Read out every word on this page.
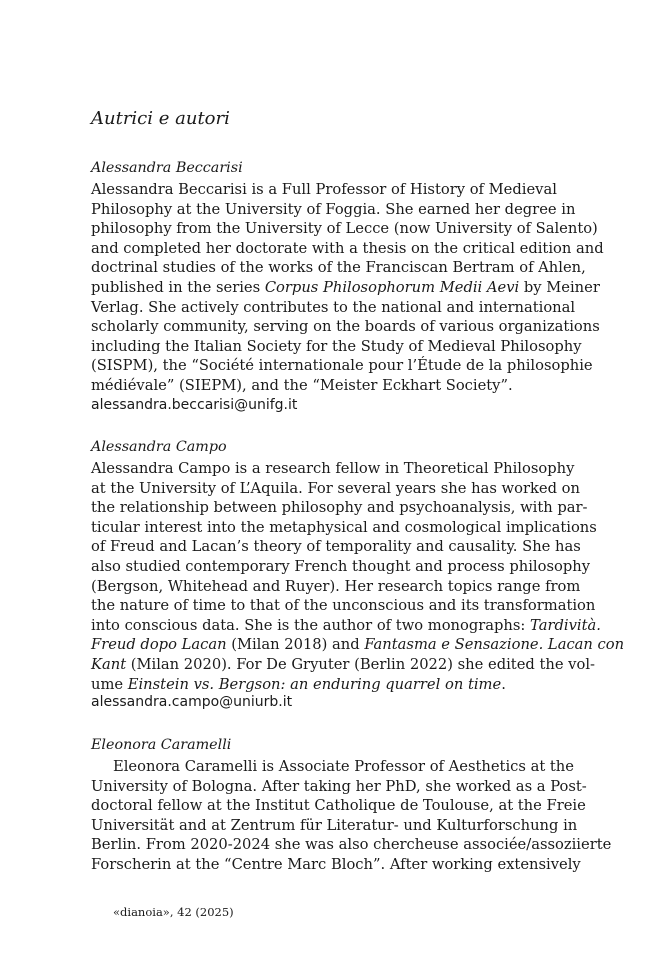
Autrici e autori

Alessandra Beccarisi

Alessandra Beccarisi is a Full Professor of History of Medieval
Philosophy at the University of Foggia. She earned her degree in
philosophy from the University of Lecce (now University of Salento)
and completed her doctorate with a thesis on the critical edition and
doctrinal studies of the works of the Franciscan Bertram of Ahlen,
published in the series Corpus Philosophorum Medii Aevi by Meiner
Verlag. She actively contributes to the national and international
scholarly community, serving on the boards of various organizations
including the Italian Society for the Study of Medieval Philosophy
(SISPM), the “Société internationale pour l’Étude de la philosophie
médiévale” (SIEPM), and the “Meister Eckhart Society”.

alessandra.beccarisi@unifg.it

Alessandra Campo

Alessandra Campo is a research fellow in Theoretical Philosophy
at the University of L’Aquila. For several years she has worked on
the relationship between philosophy and psychoanalysis, with par-
ticular interest into the metaphysical and cosmological implications
of Freud and Lacan’s theory of temporality and causality. She has
also studied contemporary French thought and process philosophy
(Bergson, Whitehead and Ruyer). Her research topics range from
the nature of time to that of the unconscious and its transformation
into conscious data. She is the author of two monographs: Tardività.
Freud dopo Lacan (Milan 2018) and Fantasma e Sensazione. Lacan con
Kant (Milan 2020). For De Gryuter (Berlin 2022) she edited the vol-
ume Einstein vs. Bergson: an enduring quarrel on time.

alessandra.campo@uniurb.it

Eleonora Caramelli

Eleonora Caramelli is Associate Professor of Aesthetics at the
University of Bologna. After taking her PhD, she worked as a Post-
doctoral fellow at the Institut Catholique de Toulouse, at the Freie
Universität and at Zentrum für Literatur- und Kulturforschung in
Berlin. From 2020-2024 she was also chercheuse associée/assoziierte
Forscherin at the “Centre Marc Bloch”. After working extensively

«dianoia», 42 (2025)
